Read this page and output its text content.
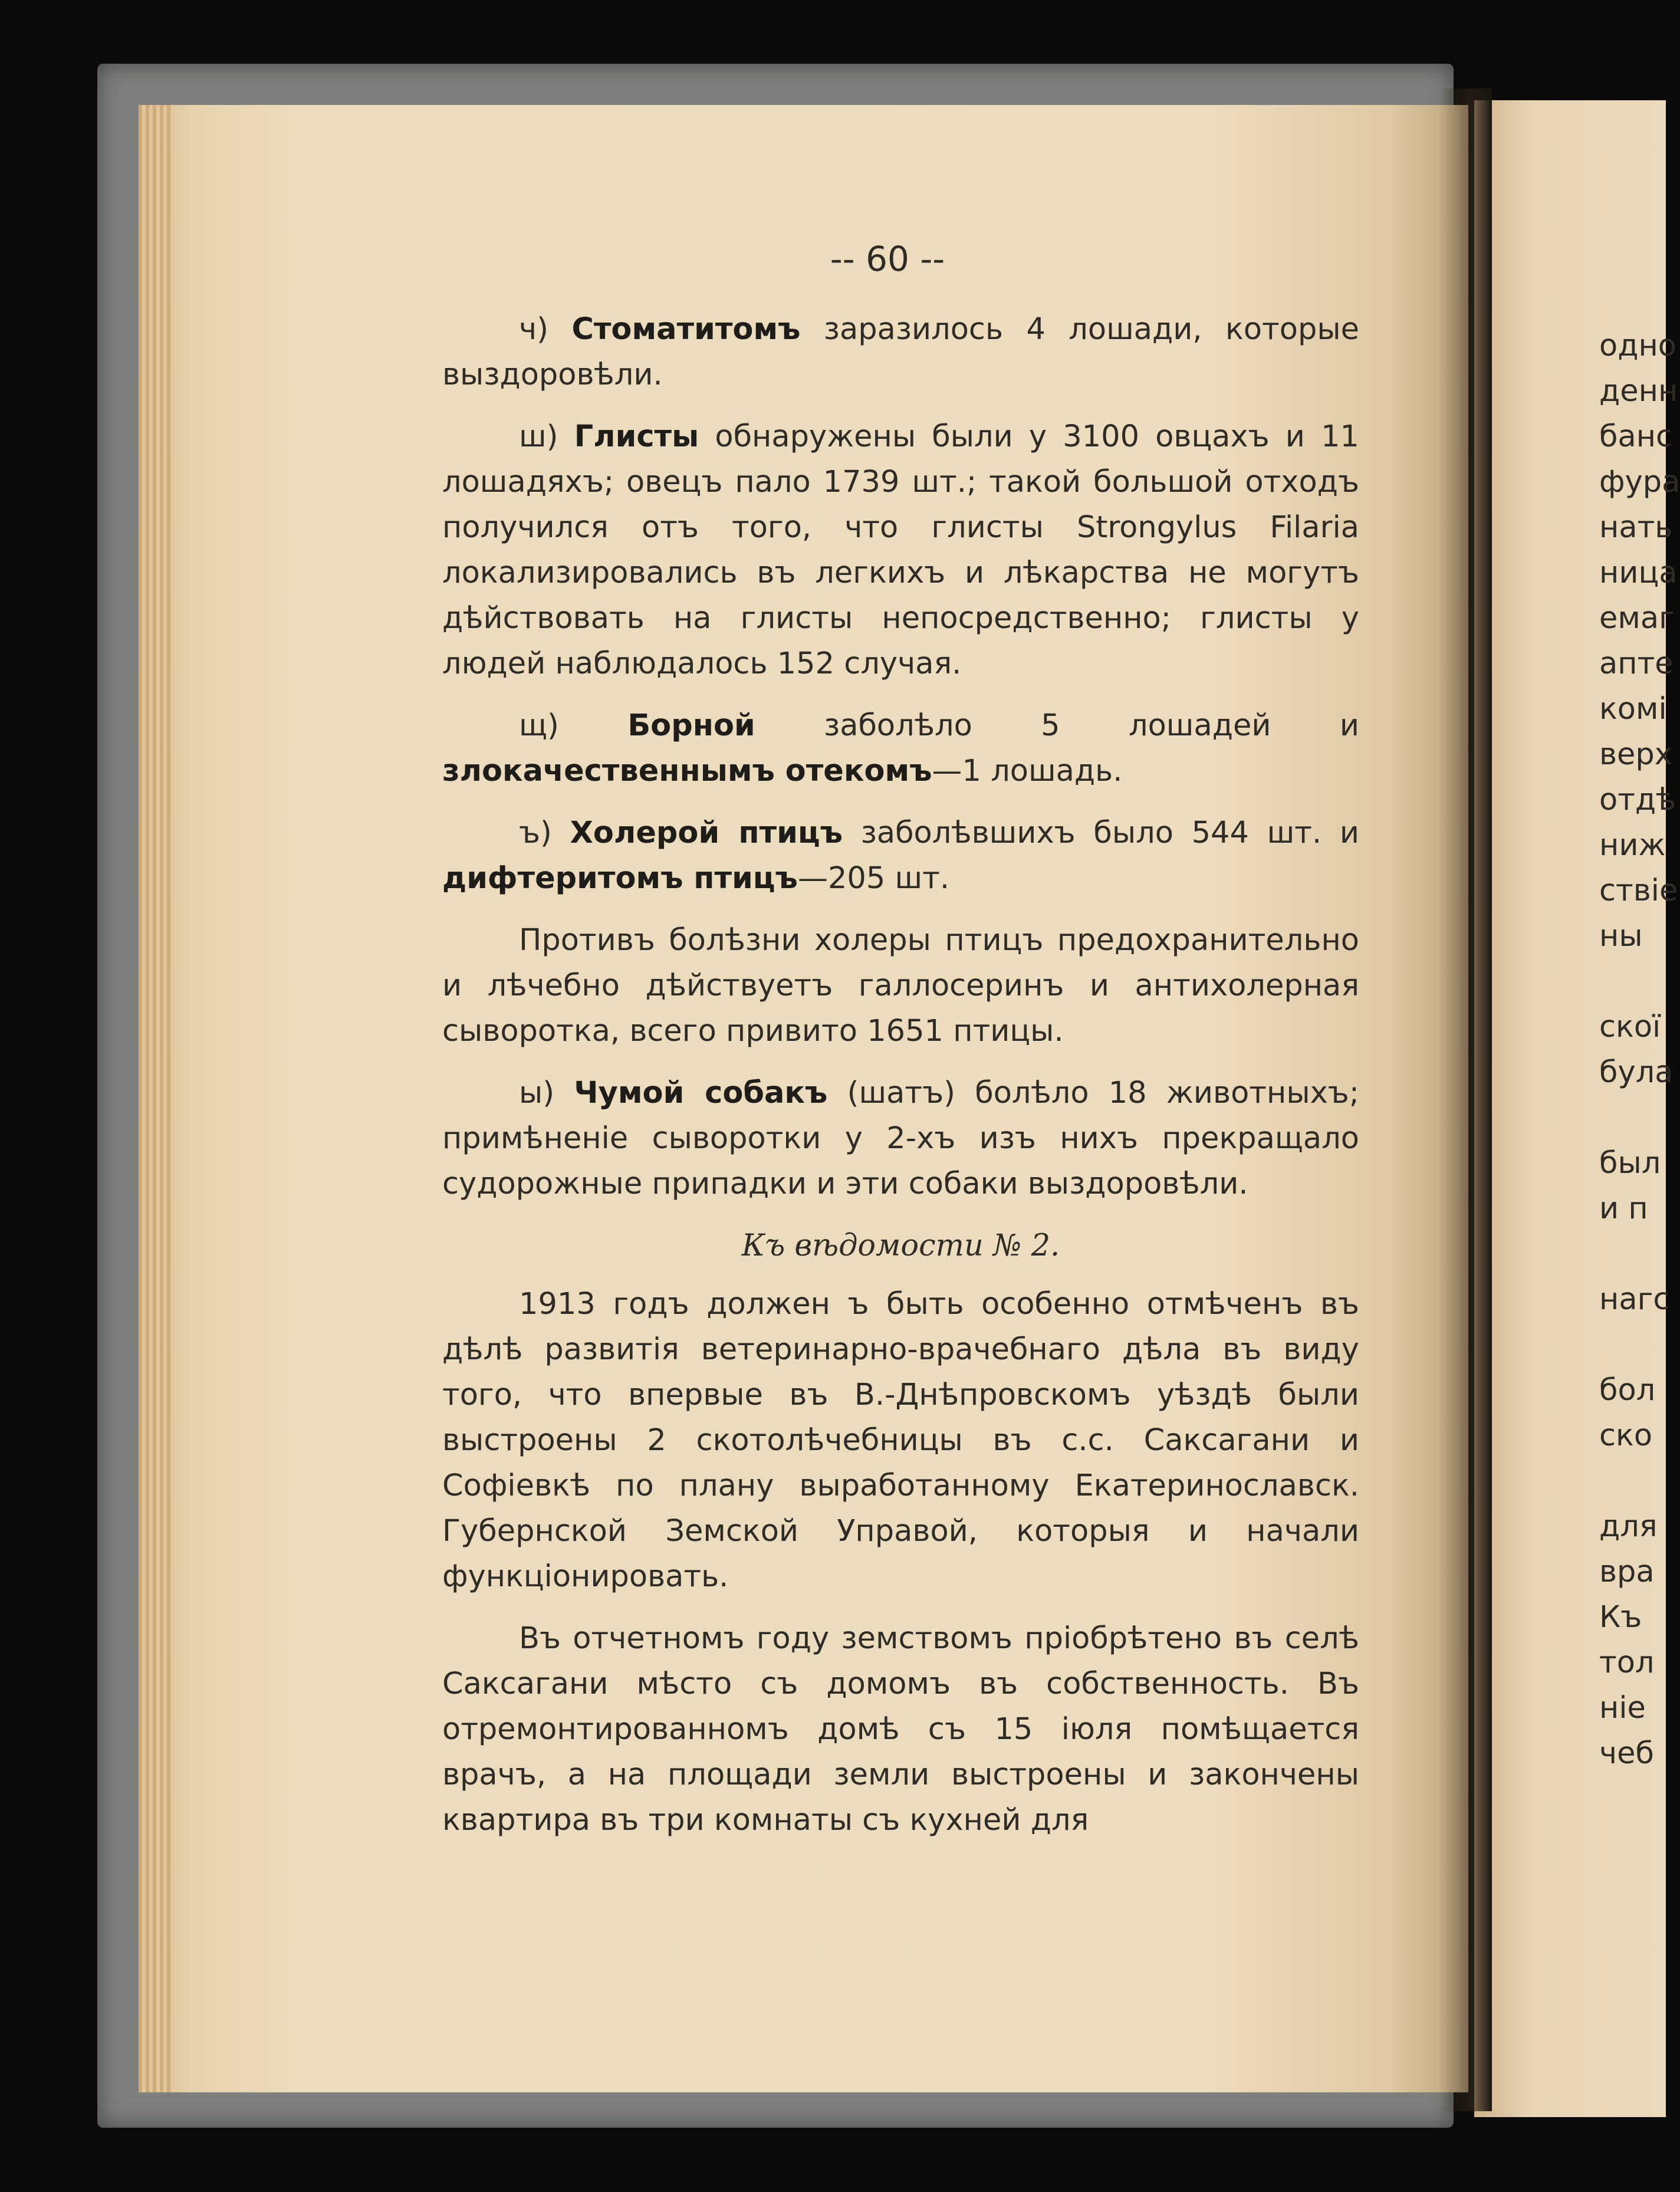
-- 60 --

ч) Стоматитомъ заразилось 4 лошади, которые выздоровѣли.

ш) Глисты обнаружены были у 3100 овцахъ и 11 лошадяхъ; овецъ пало 1739 шт.; такой большой отходъ получился отъ того, что глисты Strongylus Filaria локализировались въ легкихъ и лѣкарства не могутъ дѣйствовать на глисты непосредственно; глисты у людей наблюдалось 152 случая.

щ) Борной заболѣло 5 лошадей и злокачественнымъ отекомъ—1 лошадь.

ъ) Холерой птицъ заболѣвшихъ было 544 шт. и дифтеритомъ птицъ—205 шт.

Противъ болѣзни холеры птицъ предохранительно и лѣчебно дѣйствуетъ галлосеринъ и антихолерная сыворотка, всего привито 1651 птицы.

ы) Чумой собакъ (шатъ) болѣло 18 животныхъ; примѣненіе сыворотки у 2-хъ изъ нихъ прекращало судорожные припадки и эти собаки выздоровѣли.

Къ вѣдомости № 2.

1913 годъ должен ъ быть особенно отмѣченъ въ дѣлѣ развитія ветеринарно-врачебнаго дѣла въ виду того, что впервые въ В.-Днѣпровскомъ уѣздѣ были выстроены 2 скотолѣчебницы въ с.с. Саксагани и Софіевкѣ по плану выработанному Екатеринославск. Губернской Земской Управой, которыя и начали функціонировать.

Въ отчетномъ году земствомъ пріобрѣтено въ селѣ Саксагани мѣсто съ домомъ въ собственность. Въ отремонтированномъ домѣ съ 15 іюля помѣщается врачъ, а на площади земли выстроены и закончены квартира въ три комнаты съ кухней для

одно
денн
банс
фура
нать
ница
емаг
апте
комі
верх
отдѣ
ниж
ствіе
ны
скої
була
был
и п
нагс
бол
ско
для
вра
Къ
тол
ніе
чеб
